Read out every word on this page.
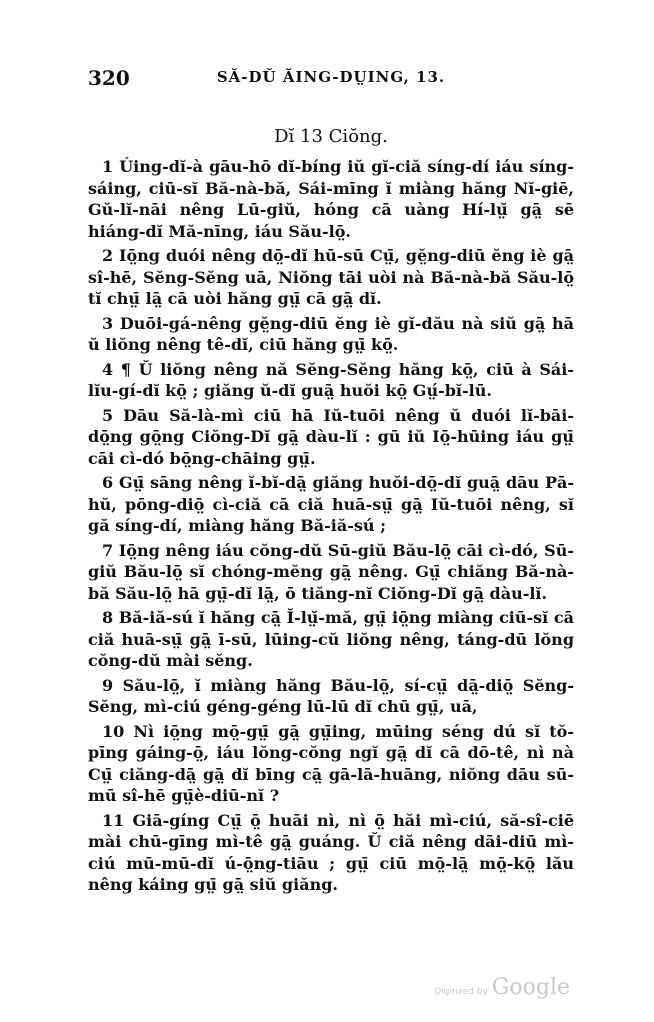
320	SĂ-DŬ ĂING-DṲING, 13.
Dĭ 13 Ciŏng.

1 Úing-dĭ-à gāu-hō dĭ-bíng iŭ gĭ-ciă síng-dí iáu síng-sáing, ciū-sĭ Bă-nà-bă, Sái-mīng ĭ miàng hăng Nĭ-giē, Gŭ-lĭ-nāi nêng Lū-giŭ, hóng cā uàng Hí-lṳ̆ gā̤ sē hiáng-dĭ Mă-nīng, iáu Său-lō̤.

2 Iō̤ng duói nêng dō̤-dĭ hū-sū Cṳ̄, gĕ̤ng-diū ĕng iè gā̤ sî-hē, Sĕng-Sĕng uā, Niŏng tāi uòi nà Bă-nà-bă Său-lō̤ tĭ chṳ̄ lā̤ cā uòi hăng gṳ̄ cā gā̤ dĭ.

3 Duōi-gá-nêng gĕ̤ng-diū ĕng iè gĭ-dău nà siŭ gā̤ hā ŭ liŏng nêng tê-dĭ, ciū hăng gṳ̄ kō̤.

4 ¶ Ŭ liŏng nêng nă Sĕng-Sĕng hăng kō̤, ciū à Sái-lĭu-gí-dĭ kō̤ ; giăng ŭ-dĭ guā̤ huŏi kō̤ Gṳ́-bĭ-lū.

5 Dāu Să-là-mì ciū hā Iŭ-tuōi nêng ŭ duói lĭ-bāi-dō̤ng gō̤ng Ciŏng-Dĭ gā̤ dàu-lĭ : gū iŭ Iō̤-hūing iáu gṳ̄ cāi cì-dó bō̤ng-chāing gṳ̄.

6 Gṳ̄ sāng nêng ĭ-bĭ-dā̤ giăng huŏi-dō̤-dĭ guā̤ dāu Pā-hŭ, pōng-diō̤ cì-ciă cā ciă huā-sṳ̄ gā̤ Iŭ-tuōi nêng, sĭ gă síng-dí, miàng hăng Bă-iă-sú ;

7 Iō̤ng nêng iáu cŏng-dŭ Sū-giŭ Bău-lō̤ cāi cì-dó, Sū-giŭ Bău-lō̤ sĭ chóng-mĕng gā̤ nêng. Gṳ̄ chiăng Bă-nà-bă Său-lō̤ hā gṳ̄-dĭ lā̤, ō tiăng-nĭ Ciŏng-Dĭ gā̤ dàu-lĭ.

8 Bă-iă-sú ĭ hăng cā̤ Ĭ-lṳ̆-mă, gṳ̄ iō̤ng miàng ciū-sĭ cā ciă huā-sṳ̄ gā̤ ī-sū, lūing-cŭ liŏng nêng, táng-dū lŏng cŏng-dŭ mài sĕng.

9 Său-lō̤, ĭ miàng hăng Bău-lō̤, sí-cṳ̄ dā̤-diō̤ Sĕng-Sĕng, mì-ciú géng-géng lū-lū dĭ chū gṳ̄, uā,

10 Nì iō̤ng mō̤-gṳ̄ gā̤ gṳ̄ing, mūing séng dú sĭ tŏ-pīng gáing-ō̤, iáu lŏng-cŏng ngĭ gā̤ dĭ cā dō-tê, nì nà Cṳ̄ ciăng-dā̤ gā̤ dĭ bīng cā̤ gā-lā-huāng, niŏng dāu sū-mū sî-hē gṳ̄è-diū-nĭ ?

11 Giā-gíng Cṳ̄ ō̤ huāi nì, nì ō̤ hăi mì-ciú, să-sî-ciē mài chū-gīng mì-tê gā̤ guáng. Ŭ ciă nêng dāi-diū mì-ciú mū-mū-dĭ ú-ō̤ng-tiāu ; gṳ̄ ciū mō̤-lā̤ mō̤-kō̤ lău nêng káing gṳ̄ gā̤ siŭ giăng.

Digitized by Google
